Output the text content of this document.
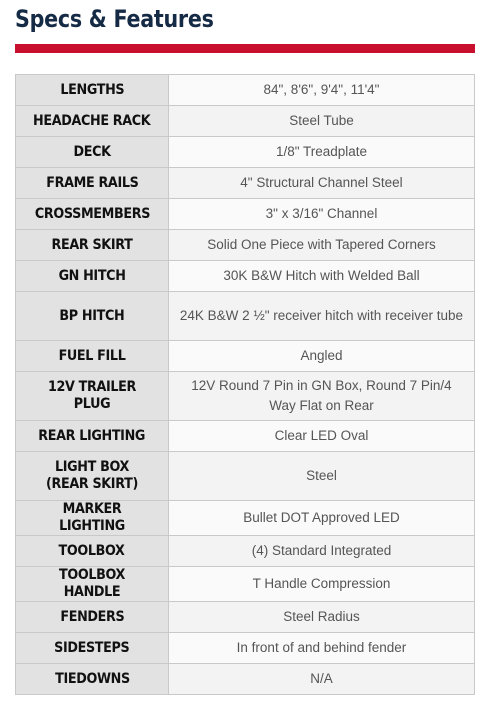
Specs & Features
LENGTHS	84", 8'6", 9'4", 11'4"
HEADACHE RACK	Steel Tube
DECK	1/8" Treadplate
FRAME RAILS	4" Structural Channel Steel
CROSSMEMBERS	3" x 3/16" Channel
REAR SKIRT	Solid One Piece with Tapered Corners
GN HITCH	30K B&W Hitch with Welded Ball
BP HITCH	24K B&W 2 ½" receiver hitch with receiver tube
FUEL FILL	Angled
12V TRAILER PLUG	12V Round 7 Pin in GN Box, Round 7 Pin/4 Way Flat on Rear
REAR LIGHTING	Clear LED Oval
LIGHT BOX (REAR SKIRT)	Steel
MARKER LIGHTING	Bullet DOT Approved LED
TOOLBOX	(4) Standard Integrated
TOOLBOX HANDLE	T Handle Compression
FENDERS	Steel Radius
SIDESTEPS	In front of and behind fender
TIEDOWNS	N/A
